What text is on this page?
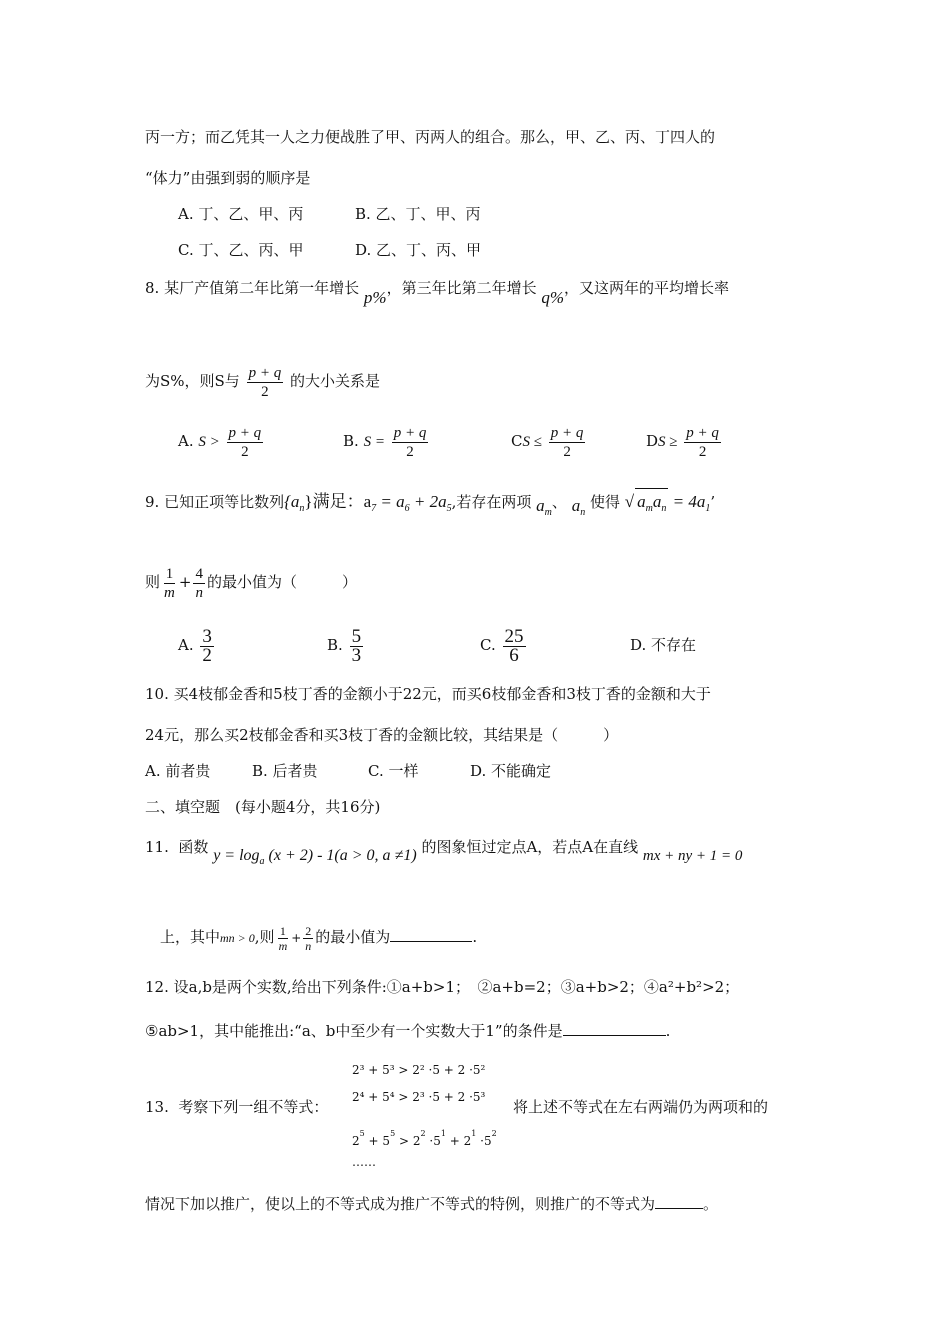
丙一方；而乙凭其一人之力便战胜了甲、丙两人的组合。那么，甲、乙、丙、丁四人的
“体力”由强到弱的顺序是
A. 丁、乙、甲、丙	B. 乙、丁、甲、丙
C. 丁、乙、丙、甲	D. 乙、丁、丙、甲
8. 某厂产值第二年比第一年增长 p%，第三年比第二年增长 q%，又这两年的平均增长率
为S%，则S与 $\frac{p + q}{2}$ 的大小关系是
A. $S > \frac{p + q}{2}$	B. $S = \frac{p + q}{2}$	CS ≤ $\frac{p + q}{2}$	DS ≥ $\frac{p + q}{2}$
9. 已知正项等比数列$\{a_n\}$满足：$a_7 = a_6 + 2a_5$,若存在两项 $a_m$、 $a_n$ 使得 √ $a_ma_n = 4a_1$’
则 $\frac{1}{m} + \frac{4}{n}$ 的最小值为（　　　）
A. $\frac{3}{2}$	B. $\frac{5}{3}$	C. $\frac{25}{6}$	D. 不存在
10. 买4枝郁金香和5枝丁香的金额小于22元，而买6枝郁金香和3枝丁香的金额和大于
24元，那么买2枝郁金香和买3枝丁香的金额比较，其结果是（　　　）
A. 前者贵	B. 后者贵	C. 一样	D. 不能确定
二、填空题　(每小题4分，共16分)
11. 函数 $y = \log_a (x + 2) - 1(a > 0$, a ≠1) 的图象恒过定点A，若点A在直线 mx + ny + 1 = 0
上，其中mn > 0,则 $\frac{1}{m} + \frac{2}{n}$ 的最小值为	.
12. 设a,b是两个实数,给出下列条件:①a+b>1；　②a+b=2；③a+b>2；④a²+b²>2；
⑤ab>1，其中能推出:“a、b中至少有一个实数大于1”的条件是	.
2³ + 5³ > 2² ·5 + 2 ·5²
2⁴ + 5⁴ > 2³ ·5 + 2 ·5³
13. 考察下列一组不等式：	将上述不等式在左右两端仍为两项和的
$2^5 + 5^5 > 2^2 \cdot 5^1 + 2^1 \cdot 5^2$
……
情况下加以推广，使以上的不等式成为推广不等式的特例，则推广的不等式为	。
